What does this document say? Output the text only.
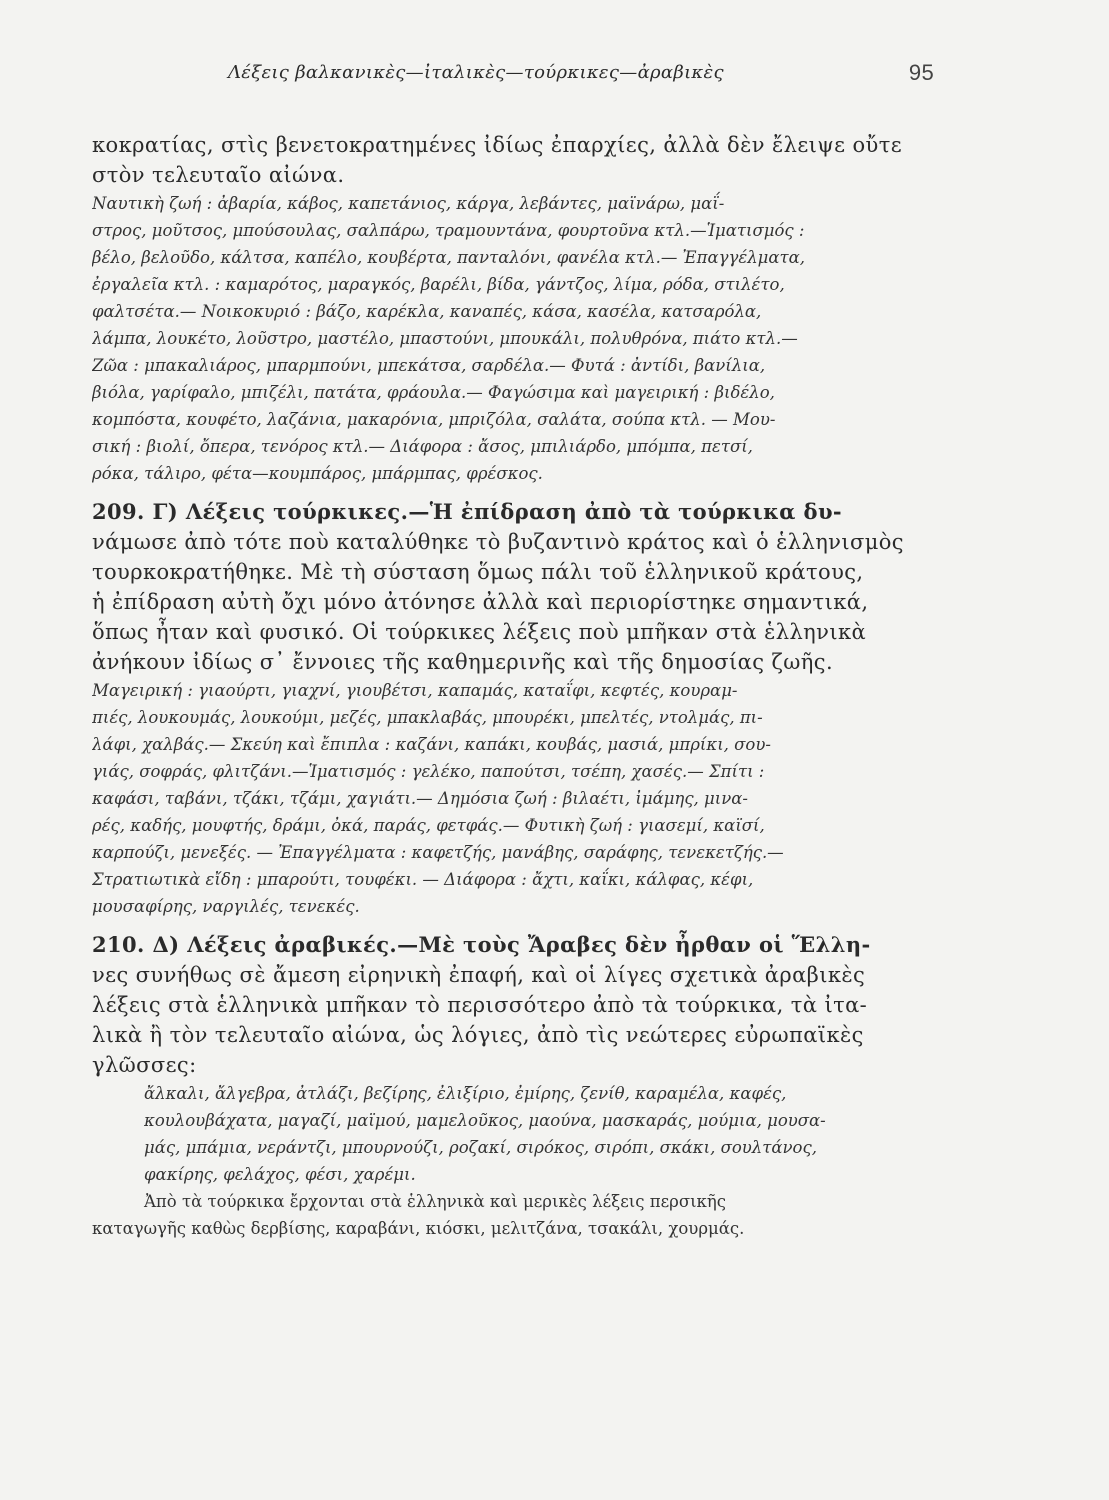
Λέξεις βαλκανικὲς—ἰταλικὲς—τούρκικες—ἀραβικὲς	95
κοκρατίας, στὶς βενετοκρατημένες ἰδίως ἐπαρχίες, ἀλλὰ δὲν ἔλειψε οὔτε
στὸν τελευταῖο αἰώνα.
Ναυτικὴ ζωή : ἀβαρία, κάβος, καπετάνιος, κάργα, λεβάντες, μαϊνάρω, μαΐ-
στρος, μοῦτσος, μπούσουλας, σαλπάρω, τραμουντάνα, φουρτοῦνα κτλ.—Ἱματισμός :
βέλο, βελοῦδο, κάλτσα, καπέλο, κουβέρτα, πανταλόνι, φανέλα κτλ.— Ἐπαγγέλματα,
ἐργαλεῖα κτλ. : καμαρότος, μαραγκός, βαρέλι, βίδα, γάντζος, λίμα, ρόδα, στιλέτο,
φαλτσέτα.— Νοικοκυριό : βάζο, καρέκλα, καναπές, κάσα, κασέλα, κατσαρόλα,
λάμπα, λουκέτο, λοῦστρο, μαστέλο, μπαστούνι, μπουκάλι, πολυθρόνα, πιάτο κτλ.—
Ζῶα : μπακαλιάρος, μπαρμπούνι, μπεκάτσα, σαρδέλα.— Φυτά : ἀντίδι, βανίλια,
βιόλα, γαρίφαλο, μπιζέλι, πατάτα, φράουλα.— Φαγώσιμα καὶ μαγειρική : βιδέλο,
κομπόστα, κουφέτο, λαζάνια, μακαρόνια, μπριζόλα, σαλάτα, σούπα κτλ. — Μου-
σική : βιολί, ὄπερα, τενόρος κτλ.— Διάφορα : ἄσος, μπιλιάρδο, μπόμπα, πετσί,
ρόκα, τάλιρο, φέτα—κουμπάρος, μπάρμπας, φρέσκος.
209. Γ) Λέξεις τούρκικες.—Ἡ ἐπίδραση ἀπὸ τὰ τούρκικα δυ-
νάμωσε ἀπὸ τότε ποὺ καταλύθηκε τὸ βυζαντινὸ κράτος καὶ ὁ ἑλληνισμὸς
τουρκοκρατήθηκε. Μὲ τὴ σύσταση ὅμως πάλι τοῦ ἑλληνικοῦ κράτους,
ἡ ἐπίδραση αὐτὴ ὄχι μόνο ἀτόνησε ἀλλὰ καὶ περιορίστηκε σημαντικά,
ὅπως ἦταν καὶ φυσικό. Οἱ τούρκικες λέξεις ποὺ μπῆκαν στὰ ἑλληνικὰ
ἀνήκουν ἰδίως σ᾽ ἔννοιες τῆς καθημερινῆς καὶ τῆς δημοσίας ζωῆς.
Μαγειρική : γιαούρτι, γιαχνί, γιουβέτσι, καπαμάς, καταΐφι, κεφτές, κουραμ-
πιές, λουκουμάς, λουκούμι, μεζές, μπακλαβάς, μπουρέκι, μπελτές, ντολμάς, πι-
λάφι, χαλβάς.— Σκεύη καὶ ἔπιπλα : καζάνι, καπάκι, κουβάς, μασιά, μπρίκι, σου-
γιάς, σοφράς, φλιτζάνι.—Ἱματισμός : γελέκο, παπούτσι, τσέπη, χασές.— Σπίτι :
καφάσι, ταβάνι, τζάκι, τζάμι, χαγιάτι.— Δημόσια ζωή : βιλαέτι, ἰμάμης, μινα-
ρές, καδής, μουφτής, δράμι, ὀκά, παράς, φετφάς.— Φυτικὴ ζωή : γιασεμί, καϊσί,
καρπούζι, μενεξές. — Ἐπαγγέλματα : καφετζής, μανάβης, σαράφης, τενεκετζής.—
Στρατιωτικὰ εἴδη : μπαρούτι, τουφέκι. — Διάφορα : ἄχτι, καΐκι, κάλφας, κέφι,
μουσαφίρης, ναργιλές, τενεκές.
210. Δ) Λέξεις ἀραβικές.—Μὲ τοὺς Ἄραβες δὲν ἦρθαν οἱ Ἕλλη-
νες συνήθως σὲ ἄμεση εἰρηνικὴ ἐπαφή, καὶ οἱ λίγες σχετικὰ ἀραβικὲς
λέξεις στὰ ἑλληνικὰ μπῆκαν τὸ περισσότερο ἀπὸ τὰ τούρκικα, τὰ ἰτα-
λικὰ ἢ τὸν τελευταῖο αἰώνα, ὡς λόγιες, ἀπὸ τὶς νεώτερες εὐρωπαϊκὲς
γλῶσσες:
ἄλκαλι, ἄλγεβρα, ἀτλάζι, βεζίρης, ἐλιξίριο, ἐμίρης, ζενίθ, καραμέλα, καφές,
κουλουβάχατα, μαγαζί, μαϊμού, μαμελοῦκος, μαούνα, μασκαράς, μούμια, μουσα-
μάς, μπάμια, νεράντζι, μπουρνούζι, ροζακί, σιρόκος, σιρόπι, σκάκι, σουλτάνος,
φακίρης, φελάχος, φέσι, χαρέμι.
Ἀπὸ τὰ τούρκικα ἔρχονται στὰ ἑλληνικὰ καὶ μερικὲς λέξεις περσικῆς
καταγωγῆς καθὼς δερβίσης, καραβάνι, κιόσκι, μελιτζάνα, τσακάλι, χουρμάς.
